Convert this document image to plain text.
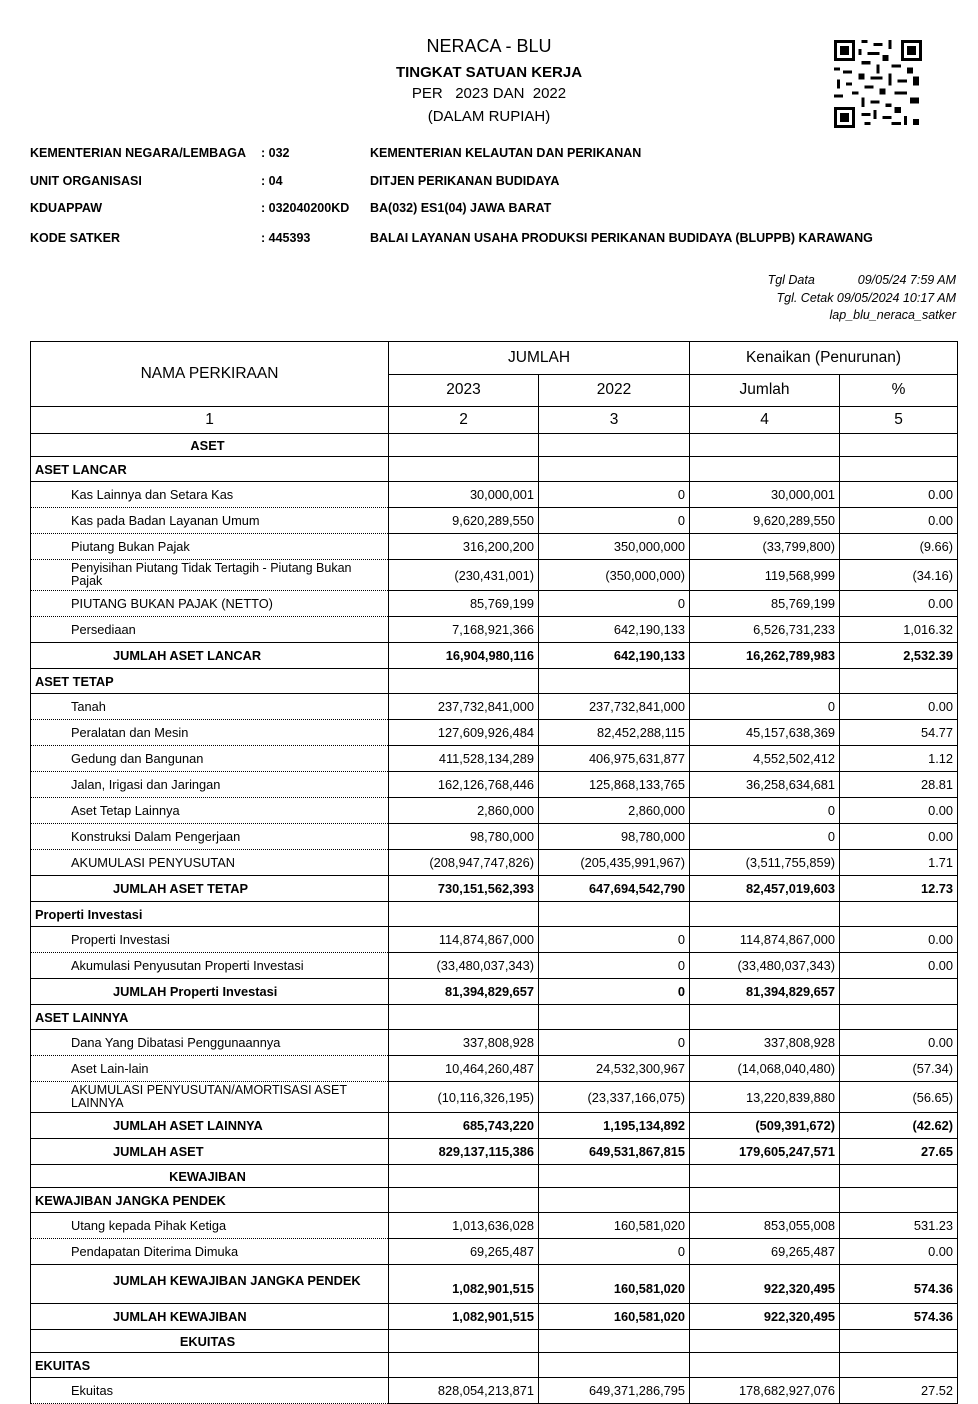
NERACA - BLU
TINGKAT SATUAN KERJA
PER   2023 DAN  2022
(DALAM RUPIAH)
KEMENTERIAN NEGARA/LEMBAGA : 032	KEMENTERIAN KELAUTAN DAN PERIKANAN
UNIT ORGANISASI	: 04	DITJEN PERIKANAN BUDIDAYA
KDUAPPAW	: 032040200KD BA(032) ES1(04) JAWA BARAT
KODE SATKER	: 445393	BALAI LAYANAN USAHA PRODUKSI PERIKANAN BUDIDAYA (BLUPPB) KARAWANG
Tgl Data	09/05/24 7:59 AM
Tgl. Cetak 09/05/2024 10:17 AM
lap_blu_neraca_satker
NAMA PERKIRAAN	JUMLAH		Kenaikan (Penurunan)	
	2023	2022	Jumlah	%
1	2	3	4	5
ASET				
ASET LANCAR				
Kas Lainnya dan Setara Kas	30,000,001	0	30,000,001	0.00
Kas pada Badan Layanan Umum	9,620,289,550	0	9,620,289,550	0.00
Piutang Bukan Pajak	316,200,200	350,000,000	(33,799,800)	(9.66)

Penyisihan Piutang Tidak Tertagih - Piutang Bukan Pajak	(230,431,001)	(350,000,000)	119,568,999	(34.16)
PIUTANG BUKAN PAJAK (NETTO)	85,769,199	0	85,769,199	0.00
Persediaan	7,168,921,366	642,190,133	6,526,731,233	1,016.32
JUMLAH ASET LANCAR	16,904,980,116	642,190,133	16,262,789,983	2,532.39
ASET TETAP				
Tanah	237,732,841,000	237,732,841,000	0	0.00
Peralatan dan Mesin	127,609,926,484	82,452,288,115	45,157,638,369	54.77
Gedung dan Bangunan	411,528,134,289	406,975,631,877	4,552,502,412	1.12
Jalan, Irigasi dan Jaringan	162,126,768,446	125,868,133,765	36,258,634,681	28.81
Aset Tetap Lainnya	2,860,000	2,860,000	0	0.00
Konstruksi Dalam Pengerjaan	98,780,000	98,780,000	0	0.00
AKUMULASI PENYUSUTAN	(208,947,747,826)	(205,435,991,967)	(3,511,755,859)	1.71
JUMLAH ASET TETAP	730,151,562,393	647,694,542,790	82,457,019,603	12.73
Properti Investasi				
Properti Investasi	114,874,867,000	0	114,874,867,000	0.00
Akumulasi Penyusutan Properti Investasi	(33,480,037,343)	0	(33,480,037,343)	0.00
JUMLAH Properti Investasi	81,394,829,657	0	81,394,829,657	
ASET LAINNYA				
Dana Yang Dibatasi Penggunaannya	337,808,928	0	337,808,928	0.00
Aset Lain-lain	10,464,260,487	24,532,300,967	(14,068,040,480)	(57.34)

AKUMULASI PENYUSUTAN/AMORTISASI ASET LAINNYA	(10,116,326,195)	(23,337,166,075)	13,220,839,880	(56.65)
JUMLAH ASET LAINNYA	685,743,220	1,195,134,892	(509,391,672)	(42.62)
JUMLAH ASET	829,137,115,386	649,531,867,815	179,605,247,571	27.65
KEWAJIBAN				
KEWAJIBAN JANGKA PENDEK				
Utang kepada Pihak Ketiga	1,013,636,028	160,581,020	853,055,008	531.23
Pendapatan Diterima Dimuka	69,265,487	0	69,265,487	0.00

JUMLAH KEWAJIBAN JANGKA PENDEK	1,082,901,515	160,581,020	922,320,495	574.36
JUMLAH KEWAJIBAN	1,082,901,515	160,581,020	922,320,495	574.36
EKUITAS				
EKUITAS				
Ekuitas	828,054,213,871	649,371,286,795	178,682,927,076	27.52
